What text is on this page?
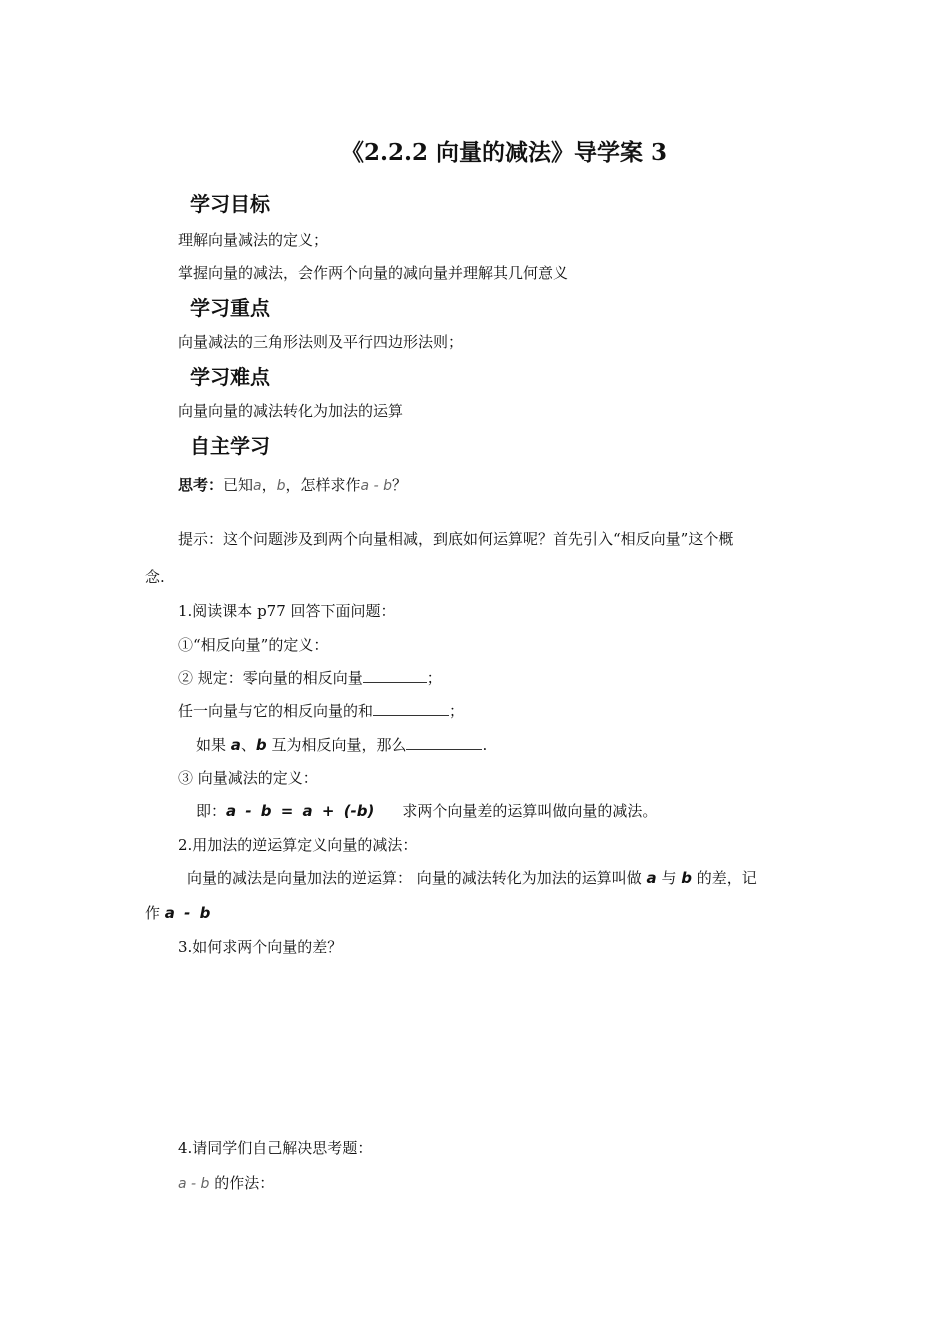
《2.2.2 向量的减法》导学案 3
学习目标
理解向量减法的定义；
掌握向量的减法，会作两个向量的减向量并理解其几何意义
学习重点
向量减法的三角形法则及平行四边形法则；
学习难点
向量向量的减法转化为加法的运算
自主学习
思考：已知a，b，怎样求作a - b？
提示：这个问题涉及到两个向量相减，到底如何运算呢？首先引入“相反向量”这个概
念.
1.阅读课本 p77 回答下面问题：
①“相反向量”的定义：
② 规定：零向量的相反向量	；
任一向量与它的相反向量的和	；
如果 a、b 互为相反向量，那么	.
③ 向量减法的定义：
即：a - b = a + (-b) 求两个向量差的运算叫做向量的减法。
2.用加法的逆运算定义向量的减法：
向量的减法是向量加法的逆运算： 向量的减法转化为加法的运算叫做 a 与 b 的差，记
作 a - b
3.如何求两个向量的差？
4.请同学们自己解决思考题：
a - b 的作法：
